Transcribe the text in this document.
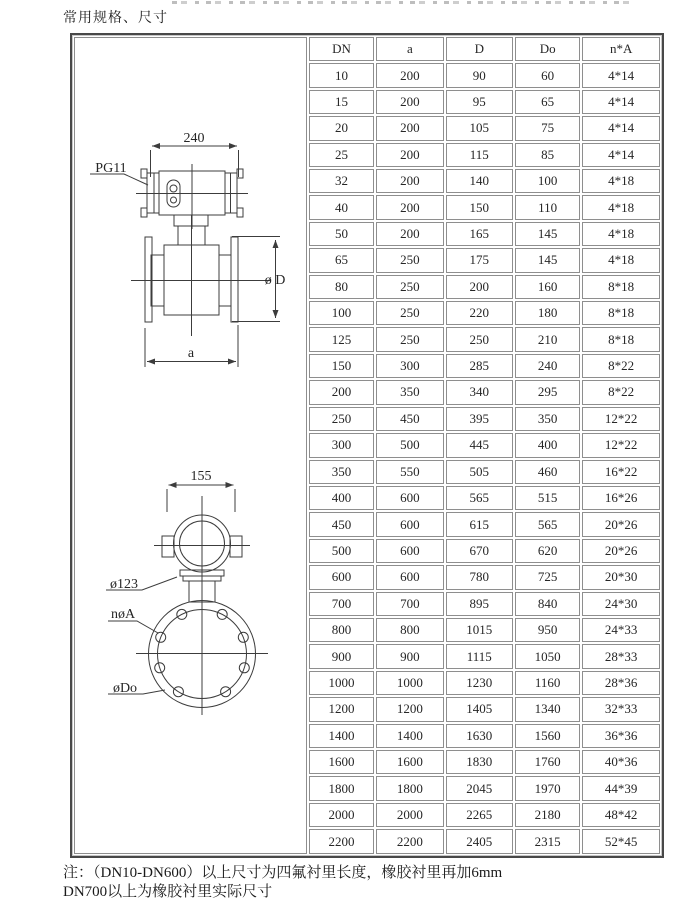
常用规格、尺寸
	DN	a	D	Do	n*A
	10	200	90	60	4*14
	15	200	95	65	4*14
	20	200	105	75	4*14
	25	200	115	85	4*14
	32	200	140	100	4*18
	40	200	150	110	4*18
	50	200	165	145	4*18
	65	250	175	145	4*18
	80	250	200	160	8*18
	100	250	220	180	8*18
	125	250	250	210	8*18
	150	300	285	240	8*22
	200	350	340	295	8*22
	250	450	395	350	12*22
	300	500	445	400	12*22
	350	550	505	460	16*22
	400	600	565	515	16*26
	450	600	615	565	20*26
	500	600	670	620	20*26
	600	600	780	725	20*30
	700	700	895	840	24*30
	800	800	1015	950	24*33
	900	900	1115	1050	28*33
	1000	1000	1230	1160	28*36
	1200	1200	1405	1340	32*33
	1400	1400	1630	1560	36*36
	1600	1600	1830	1760	40*36
	1800	1800	2045	1970	44*39
	2000	2000	2265	2180	48*42
	2200	2200	2405	2315	52*45
240
PG11
ø D
a
155
ø123
nøA
øDo
注：（DN10-DN600）以上尺寸为四氟衬里长度，橡胶衬里再加6mm
DN700以上为橡胶衬里实际尺寸
